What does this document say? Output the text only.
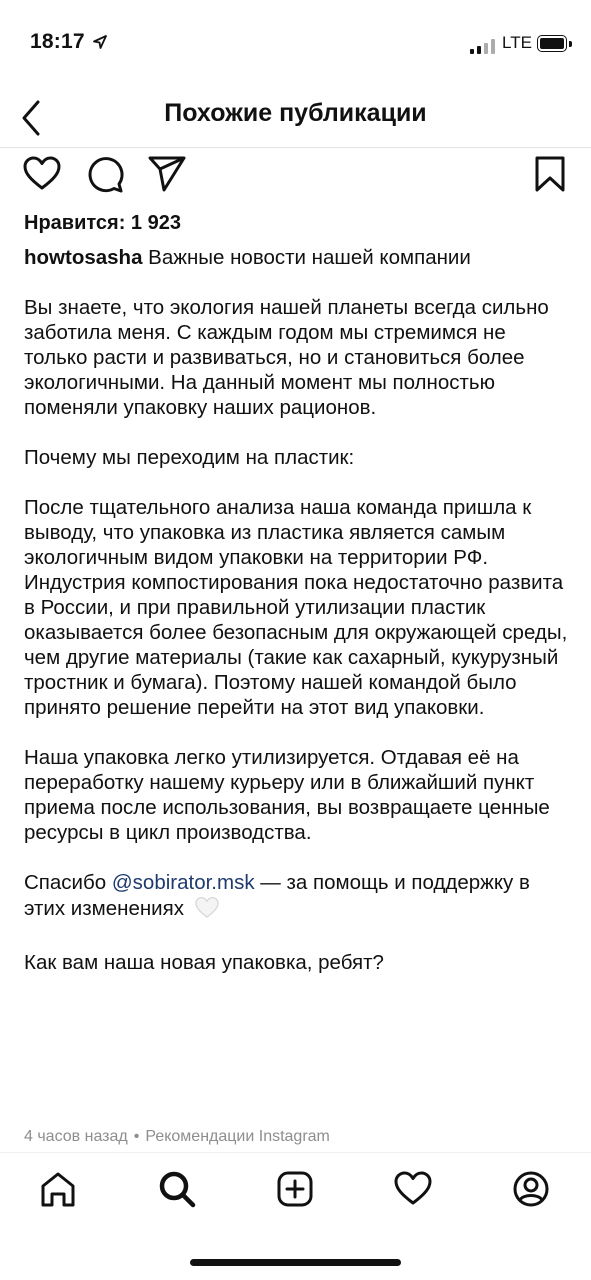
18:17	LTE
Похожие публикации
Нравится: 1 923

howtosasha Важные новости нашей компании

Вы знаете, что экология нашей планеты всегда сильно заботила меня. С каждым годом мы стремимся не только расти и развиваться, но и становиться более экологичными. На данный момент мы полностью поменяли упаковку наших рационов.

Почему мы переходим на пластик:

После тщательного анализа наша команда пришла к выводу, что упаковка из пластика является самым экологичным видом упаковки на территории РФ. Индустрия компостирования пока недостаточно развита в России, и при правильной утилизации пластик оказывается более безопасным для окружающей среды, чем другие материалы (такие как сахарный, кукурузный тростник и бумага). Поэтому нашей командой было принято решение перейти на этот вид упаковки.

Наша упаковка легко утилизируется. Отдавая её на переработку нашему курьеру или в ближайший пункт приема после использования, вы возвращаете ценные ресурсы в цикл производства.

Спасибо @sobirator.msk — за помощь и поддержку в этих изменениях

Как вам наша новая упаковка, ребят?

4 часов назад • Рекомендации Instagram
